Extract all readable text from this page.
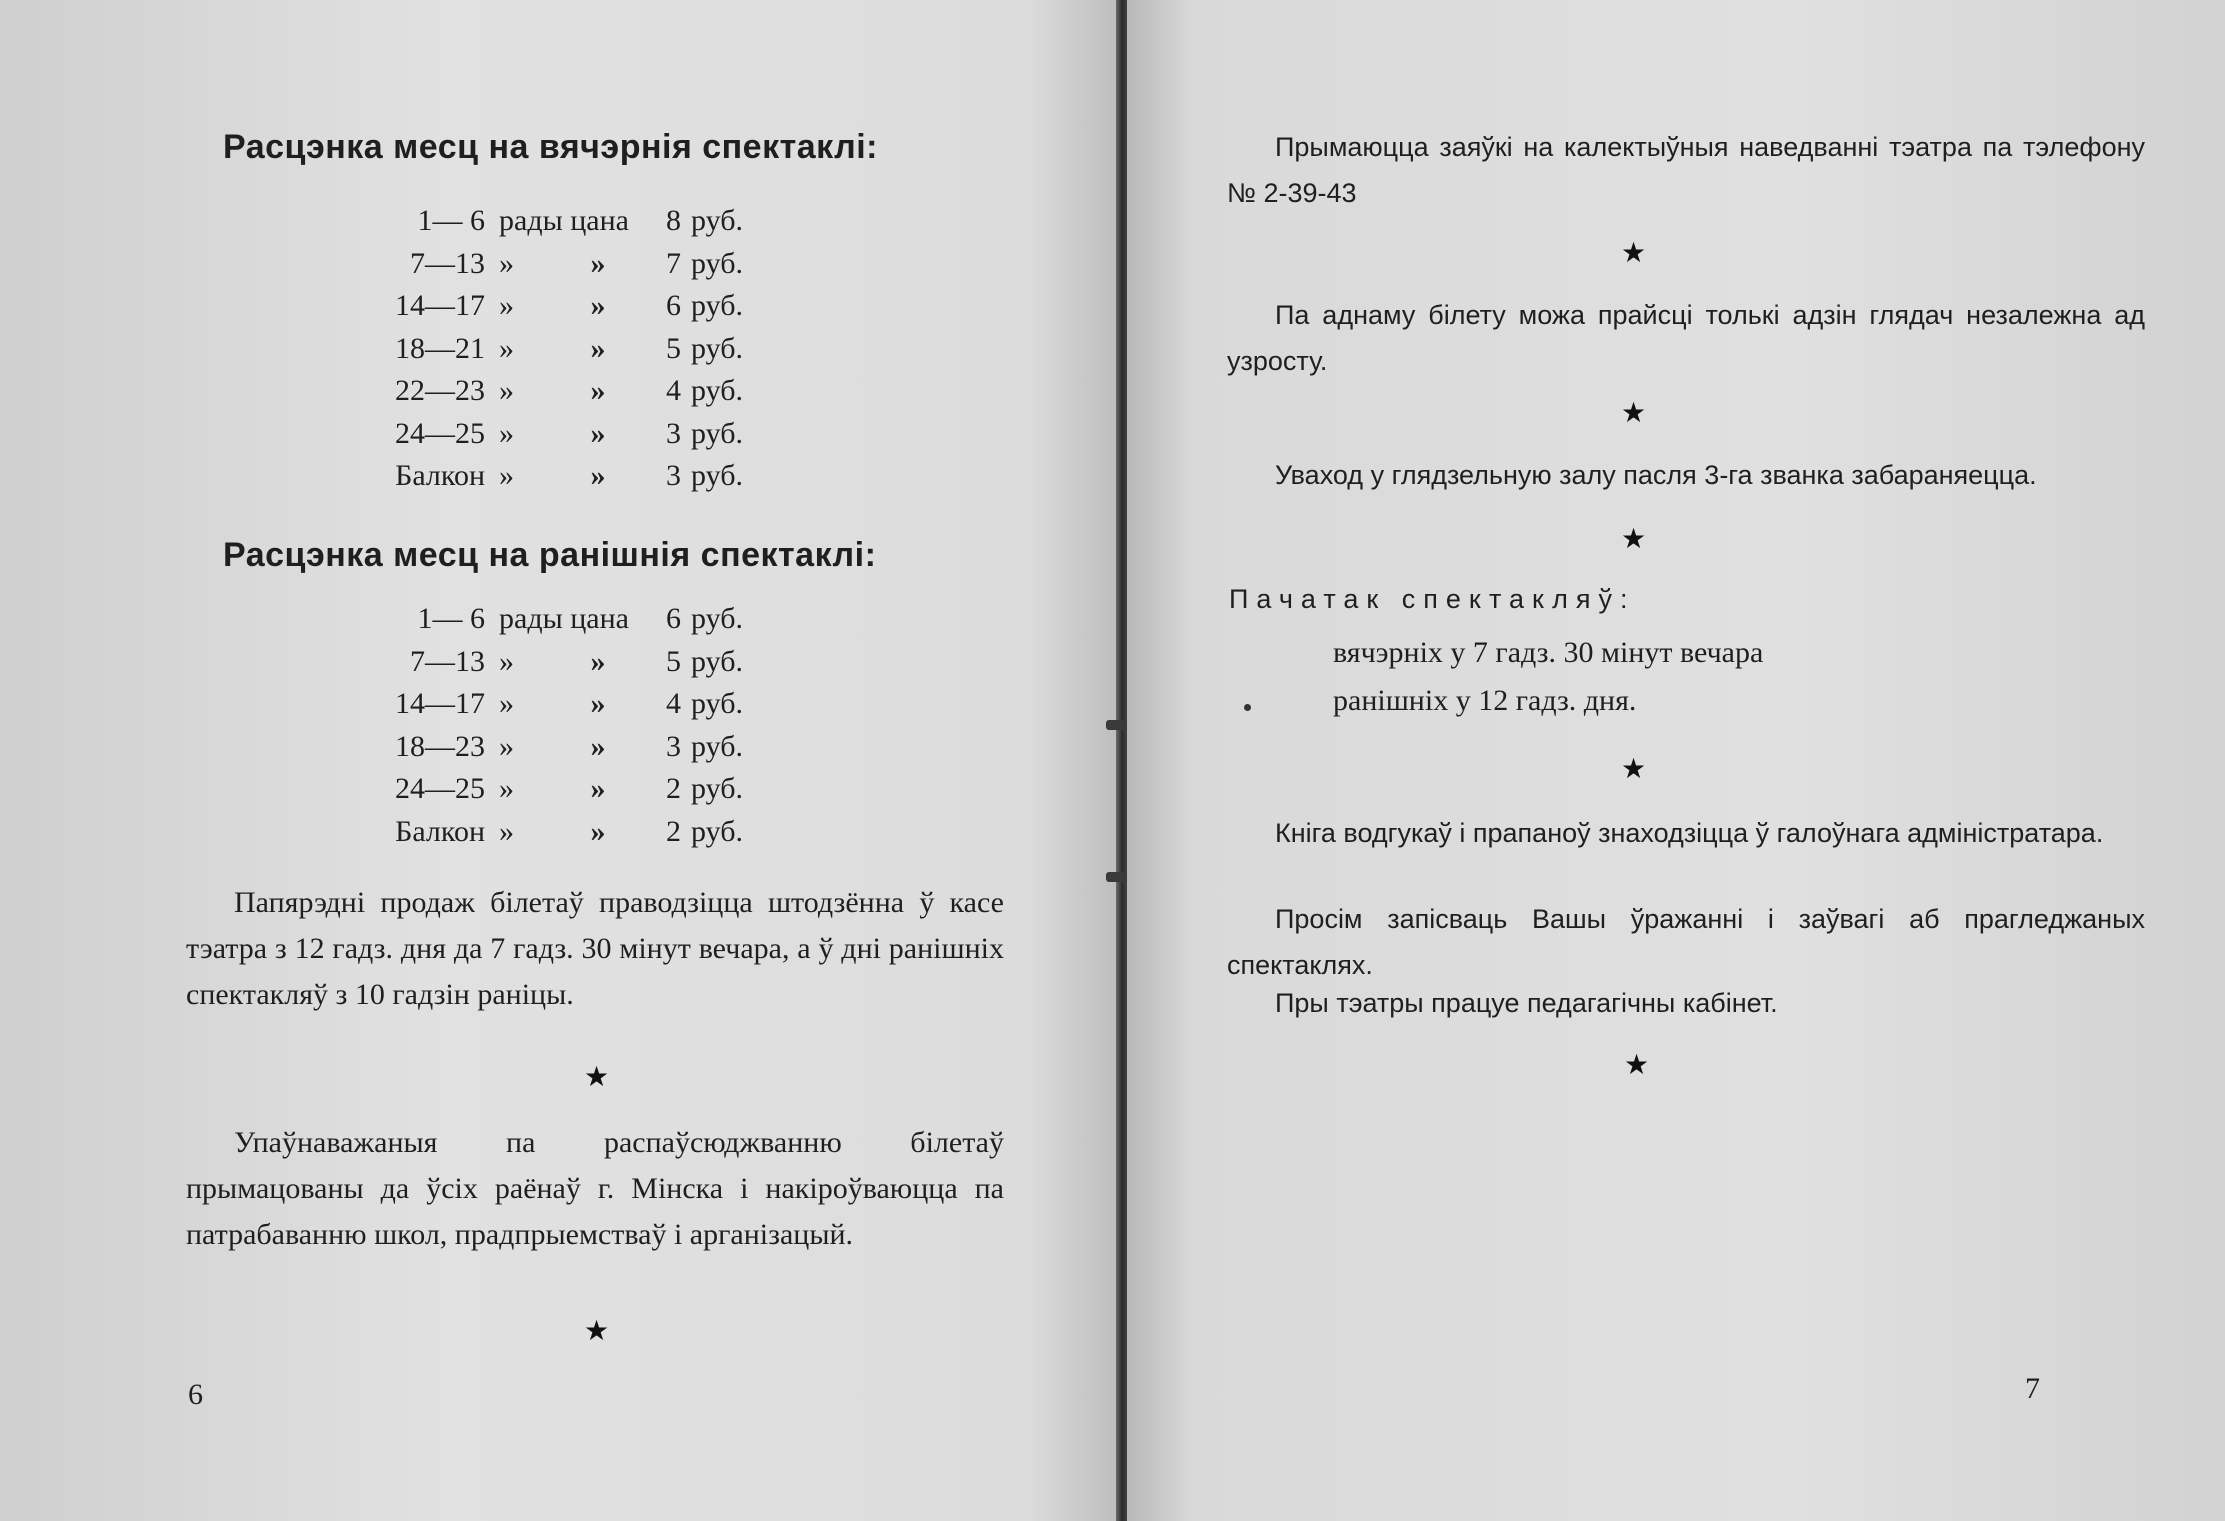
Расцэнка месц на вячэрнія спектаклі:
1— 6	рады цана		8	руб.
7—13	»	»	7	руб.
14—17	»	»	6	руб.
18—21	»	»	5	руб.
22—23	»	»	4	руб.
24—25	»	»	3	руб.
Балкон	»	»	3	руб.
Расцэнка месц на ранішнія спектаклі:
1— 6	рады цана		6	руб.
7—13	»	»	5	руб.
14—17	»	»	4	руб.
18—23	»	»	3	руб.
24—25	»	»	2	руб.
Балкон	»	»	2	руб.

Папярэдні продаж білетаў праводзіцца штодзённа ў касе тэатра з 12 гадз. дня да 7 гадз. 30 мінут вечара, а ў дні ранішніх спектакляў з 10 гадзін раніцы.

★

Упаўнаважаныя па распаўсюджванню білетаў прымацованы да ўсіх раёнаў г. Мінска і накіроўваюцца па патрабаванню школ, прадпрыемстваў і арганізацый.

★

6

Прымаюцца заяўкі на калектыўныя наведванні тэатра па тэлефону № 2-39-43

★

Па аднаму білету можа прайсці толькі адзін глядач незалежна ад узросту.

★

Уваход у глядзельную залу пасля 3-га званка забараняецца.

★

Пачатак спектакляў:

вячэрніх у 7 гадз. 30 мінут вечара

ранішніх у 12 гадз. дня.

★

Кніга водгукаў і прапаноў знаходзіцца ў галоўнага адміністратара.

Просім запісваць Вашы ўражанні і заўвагі аб прагледжаных спектаклях.

Пры тэатры працуе педагагічны кабінет.

★

7
